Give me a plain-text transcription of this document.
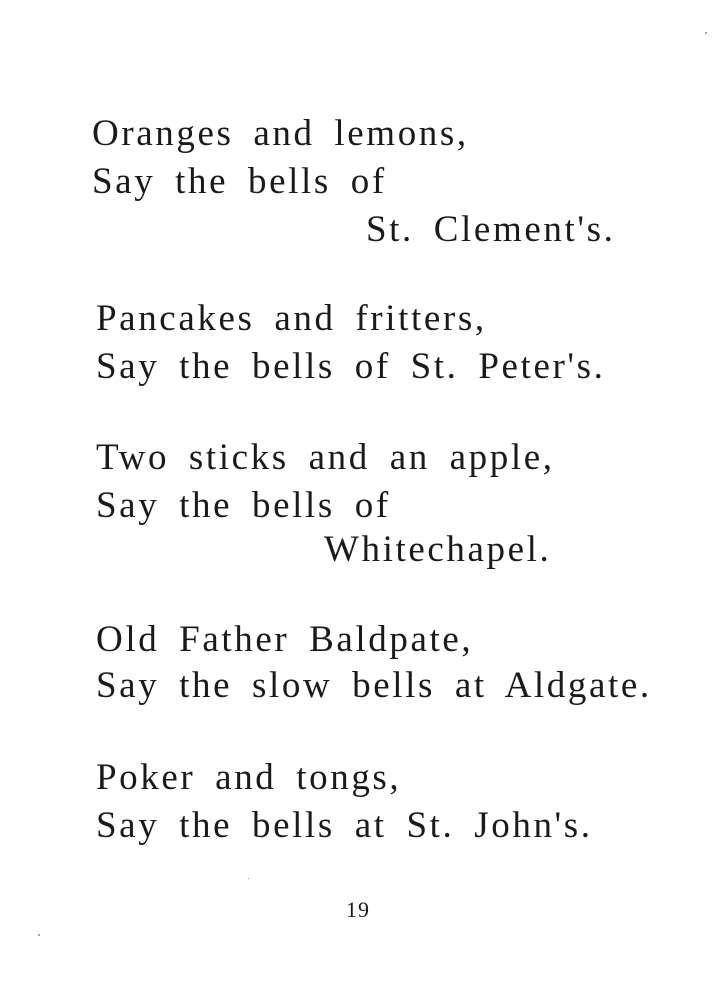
Oranges and lemons,
Say the bells of
St. Clement's.
Pancakes and fritters,
Say the bells of St. Peter's.
Two sticks and an apple,
Say the bells of
Whitechapel.
Old Father Baldpate,
Say the slow bells at Aldgate.
Poker and tongs,
Say the bells at St. John's.
19
